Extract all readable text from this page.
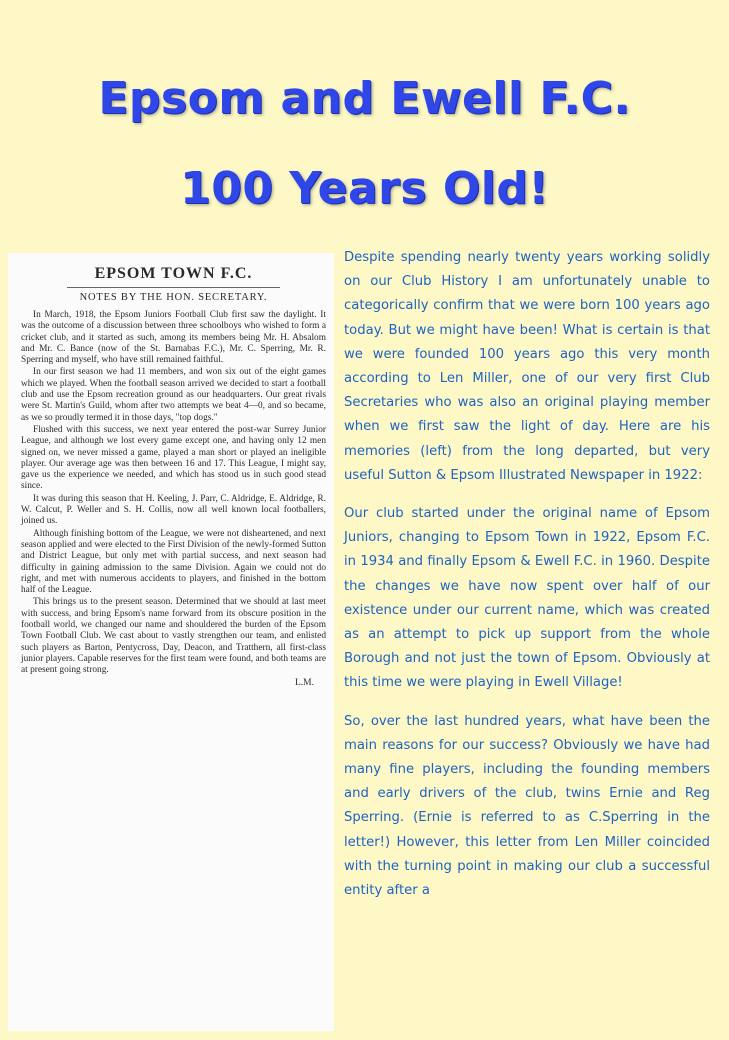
Epsom and Ewell F.C.
100 Years Old!
EPSOM TOWN F.C.
NOTES BY THE HON. SECRETARY.

In March, 1918, the Epsom Juniors Football Club first saw the daylight. It was the outcome of a discussion between three schoolboys who wished to form a cricket club, and it started as such, among its members being Mr. H. Absalom and Mr. C. Bance (now of the St. Barnabas F.C.), Mr. C. Sperring, Mr. R. Sperring and myself, who have still remained faithful.

In our first season we had 11 members, and won six out of the eight games which we played. When the football season arrived we decided to start a football club and use the Epsom recreation ground as our headquarters. Our great rivals were St. Martin's Guild, whom after two attempts we beat 4—0, and so became, as we so proudly termed it in those days, "top dogs."

Flushed with this success, we next year entered the post-war Surrey Junior League, and although we lost every game except one, and having only 12 men signed on, we never missed a game, played a man short or played an ineligible player. Our average age was then between 16 and 17. This League, I might say, gave us the experience we needed, and which has stood us in such good stead since.

It was during this season that H. Keeling, J. Parr, C. Aldridge, E. Aldridge, R. W. Calcut, P. Weller and S. H. Collis, now all well known local footballers, joined us.

Although finishing bottom of the League, we were not disheartened, and next season applied and were elected to the First Division of the newly-formed Sutton and District League, but only met with partial success, and next season had difficulty in gaining admission to the same Division. Again we could not do right, and met with numerous accidents to players, and finished in the bottom half of the League.

This brings us to the present season. Determined that we should at last meet with success, and bring Epsom's name forward from its obscure position in the football world, we changed our name and shouldered the burden of the Epsom Town Football Club. We cast about to vastly strengthen our team, and enlisted such players as Barton, Pentycross, Day, Deacon, and Tratthern, all first-class junior players. Capable reserves for the first team were found, and both teams are at present going strong.

L.M.

Despite spending nearly twenty years working solidly on our Club History I am unfortunately unable to categorically confirm that we were born 100 years ago today. But we might have been! What is certain is that we were founded 100 years ago this very month according to Len Miller, one of our very first Club Secretaries who was also an original playing member when we first saw the light of day. Here are his memories (left) from the long departed, but very useful Sutton & Epsom Illustrated Newspaper in 1922:

Our club started under the original name of Epsom Juniors, changing to Epsom Town in 1922, Epsom F.C. in 1934 and finally Epsom & Ewell F.C. in 1960. Despite the changes we have now spent over half of our existence under our current name, which was created as an attempt to pick up support from the whole Borough and not just the town of Epsom. Obviously at this time we were playing in Ewell Village!

So, over the last hundred years, what have been the main reasons for our success? Obviously we have had many fine players, including the founding members and early drivers of the club, twins Ernie and Reg Sperring. (Ernie is referred to as C.Sperring in the letter!) However, this letter from Len Miller coincided with the turning point in making our club a successful entity after a
